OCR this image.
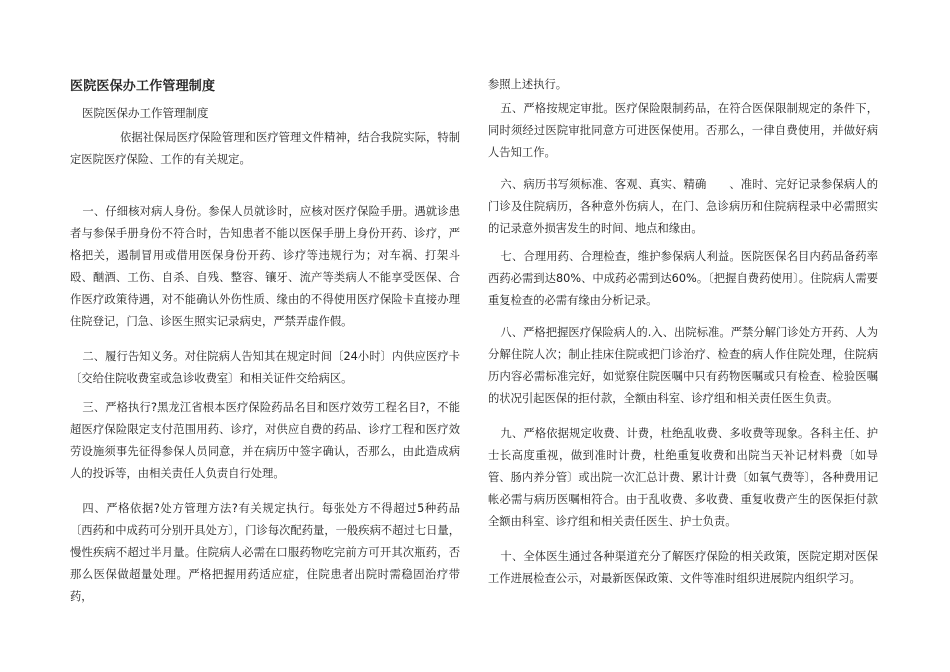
医院医保办工作管理制度
医院医保办工作管理制度

依据社保局医疗保险管理和医疗管理文件精神，结合我院实际，特制定医院医疗保险、工作的有关规定。

一、仔细核对病人身份。参保人员就诊时，应核对医疗保险手册。遇就诊患者与参保手册身份不符合时，告知患者不能以医保手册上身份开药、诊疗，严格把关，遏制冒用或借用医保身份开药、诊疗等违规行为；对车祸、打架斗殴、酗酒、工伤、自杀、自残、整容、镶牙、流产等类病人不能享受医保、合作医疗政策待遇，对不能确认外伤性质、缘由的不得使用医疗保险卡直接办理住院登记，门急、诊医生照实记录病史，严禁弄虚作假。

二、履行告知义务。对住院病人告知其在规定时间〔24小时〕内供应医疗卡〔交给住院收费室或急诊收费室〕和相关证件交给病区。

三、严格执行?黑龙江省根本医疗保险药品名目和医疗效劳工程名目?，不能超医疗保险限定支付范围用药、诊疗，对供应自费的药品、诊疗工程和医疗效劳设施须事先征得参保人员同意，并在病历中签字确认，否那么，由此造成病人的投诉等，由相关责任人负责自行处理。

四、严格依据?处方管理方法?有关规定执行。每张处方不得超过5种药品〔西药和中成药可分别开具处方〕，门诊每次配药量，一般疾病不超过七日量，慢性疾病不超过半月量。住院病人必需在口服药物吃完前方可开其次瓶药，否那么医保做超量处理。严格把握用药适应症，住院患者出院时需稳固治疗带药，

参照上述执行。

五、严格按规定审批。医疗保险限制药品，在符合医保限制规定的条件下，同时须经过医院审批同意方可进医保使用。否那么，一律自费使用，并做好病人告知工作。

六、病历书写须标准、客观、真实、精确　　、准时、完好记录参保病人的门诊及住院病历，各种意外伤病人，在门、急诊病历和住院病程录中必需照实的记录意外损害发生的时间、地点和缘由。

七、合理用药、合理检查，维护参保病人利益。医院医保名目内药品备药率西药必需到达80%、中成药必需到达60%。〔把握自费药使用〕。住院病人需要重复检查的必需有缘由分析记录。

八、严格把握医疗保险病人的.入、出院标准。严禁分解门诊处方开药、人为分解住院人次；制止挂床住院或把门诊治疗、检查的病人作住院处理，住院病历内容必需标准完好，如觉察住院医嘱中只有药物医嘱或只有检查、检验医嘱的状况引起医保的拒付款，全额由科室、诊疗组和相关责任医生负责。

九、严格依据规定收费、计费，杜绝乱收费、多收费等现象。各科主任、护士长高度重视，做到准时计费，杜绝重复收费和出院当天补记材料费〔如导管、肠内养分管〕或出院一次汇总计费、累计计费〔如氧气费等〕，各种费用记帐必需与病历医嘱相符合。由于乱收费、多收费、重复收费产生的医保拒付款全额由科室、诊疗组和相关责任医生、护士负责。

十、全体医生通过各种渠道充分了解医疗保险的相关政策，医院定期对医保工作进展检查公示，对最新医保政策、文件等准时组织进展院内组织学习。
